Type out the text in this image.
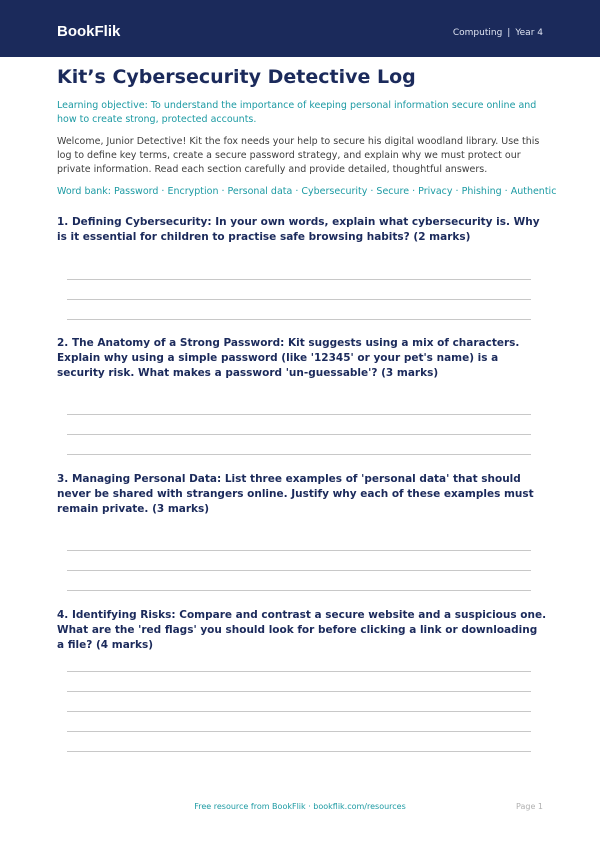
BookFlik	Computing | Year 4
Kit’s Cybersecurity Detective Log

Learning objective: To understand the importance of keeping personal information secure online and how to create strong, protected accounts.

Welcome, Junior Detective! Kit the fox needs your help to secure his digital woodland library. Use this log to define key terms, create a secure password strategy, and explain why we must protect our private information. Read each section carefully and provide detailed, thoughtful answers.

Word bank: Password · Encryption · Personal data · Cybersecurity · Secure · Privacy · Phishing · Authentic

1. Defining Cybersecurity: In your own words, explain what cybersecurity is. Why is it essential for children to practise safe browsing habits? (2 marks)

2. The Anatomy of a Strong Password: Kit suggests using a mix of characters. Explain why using a simple password (like '12345' or your pet's name) is a security risk. What makes a password 'un-guessable'? (3 marks)

3. Managing Personal Data: List three examples of 'personal data' that should never be shared with strangers online. Justify why each of these examples must remain private. (3 marks)

4. Identifying Risks: Compare and contrast a secure website and a suspicious one. What are the 'red flags' you should look for before clicking a link or downloading a file? (4 marks)

Free resource from BookFlik · bookflik.com/resources	Page 1
